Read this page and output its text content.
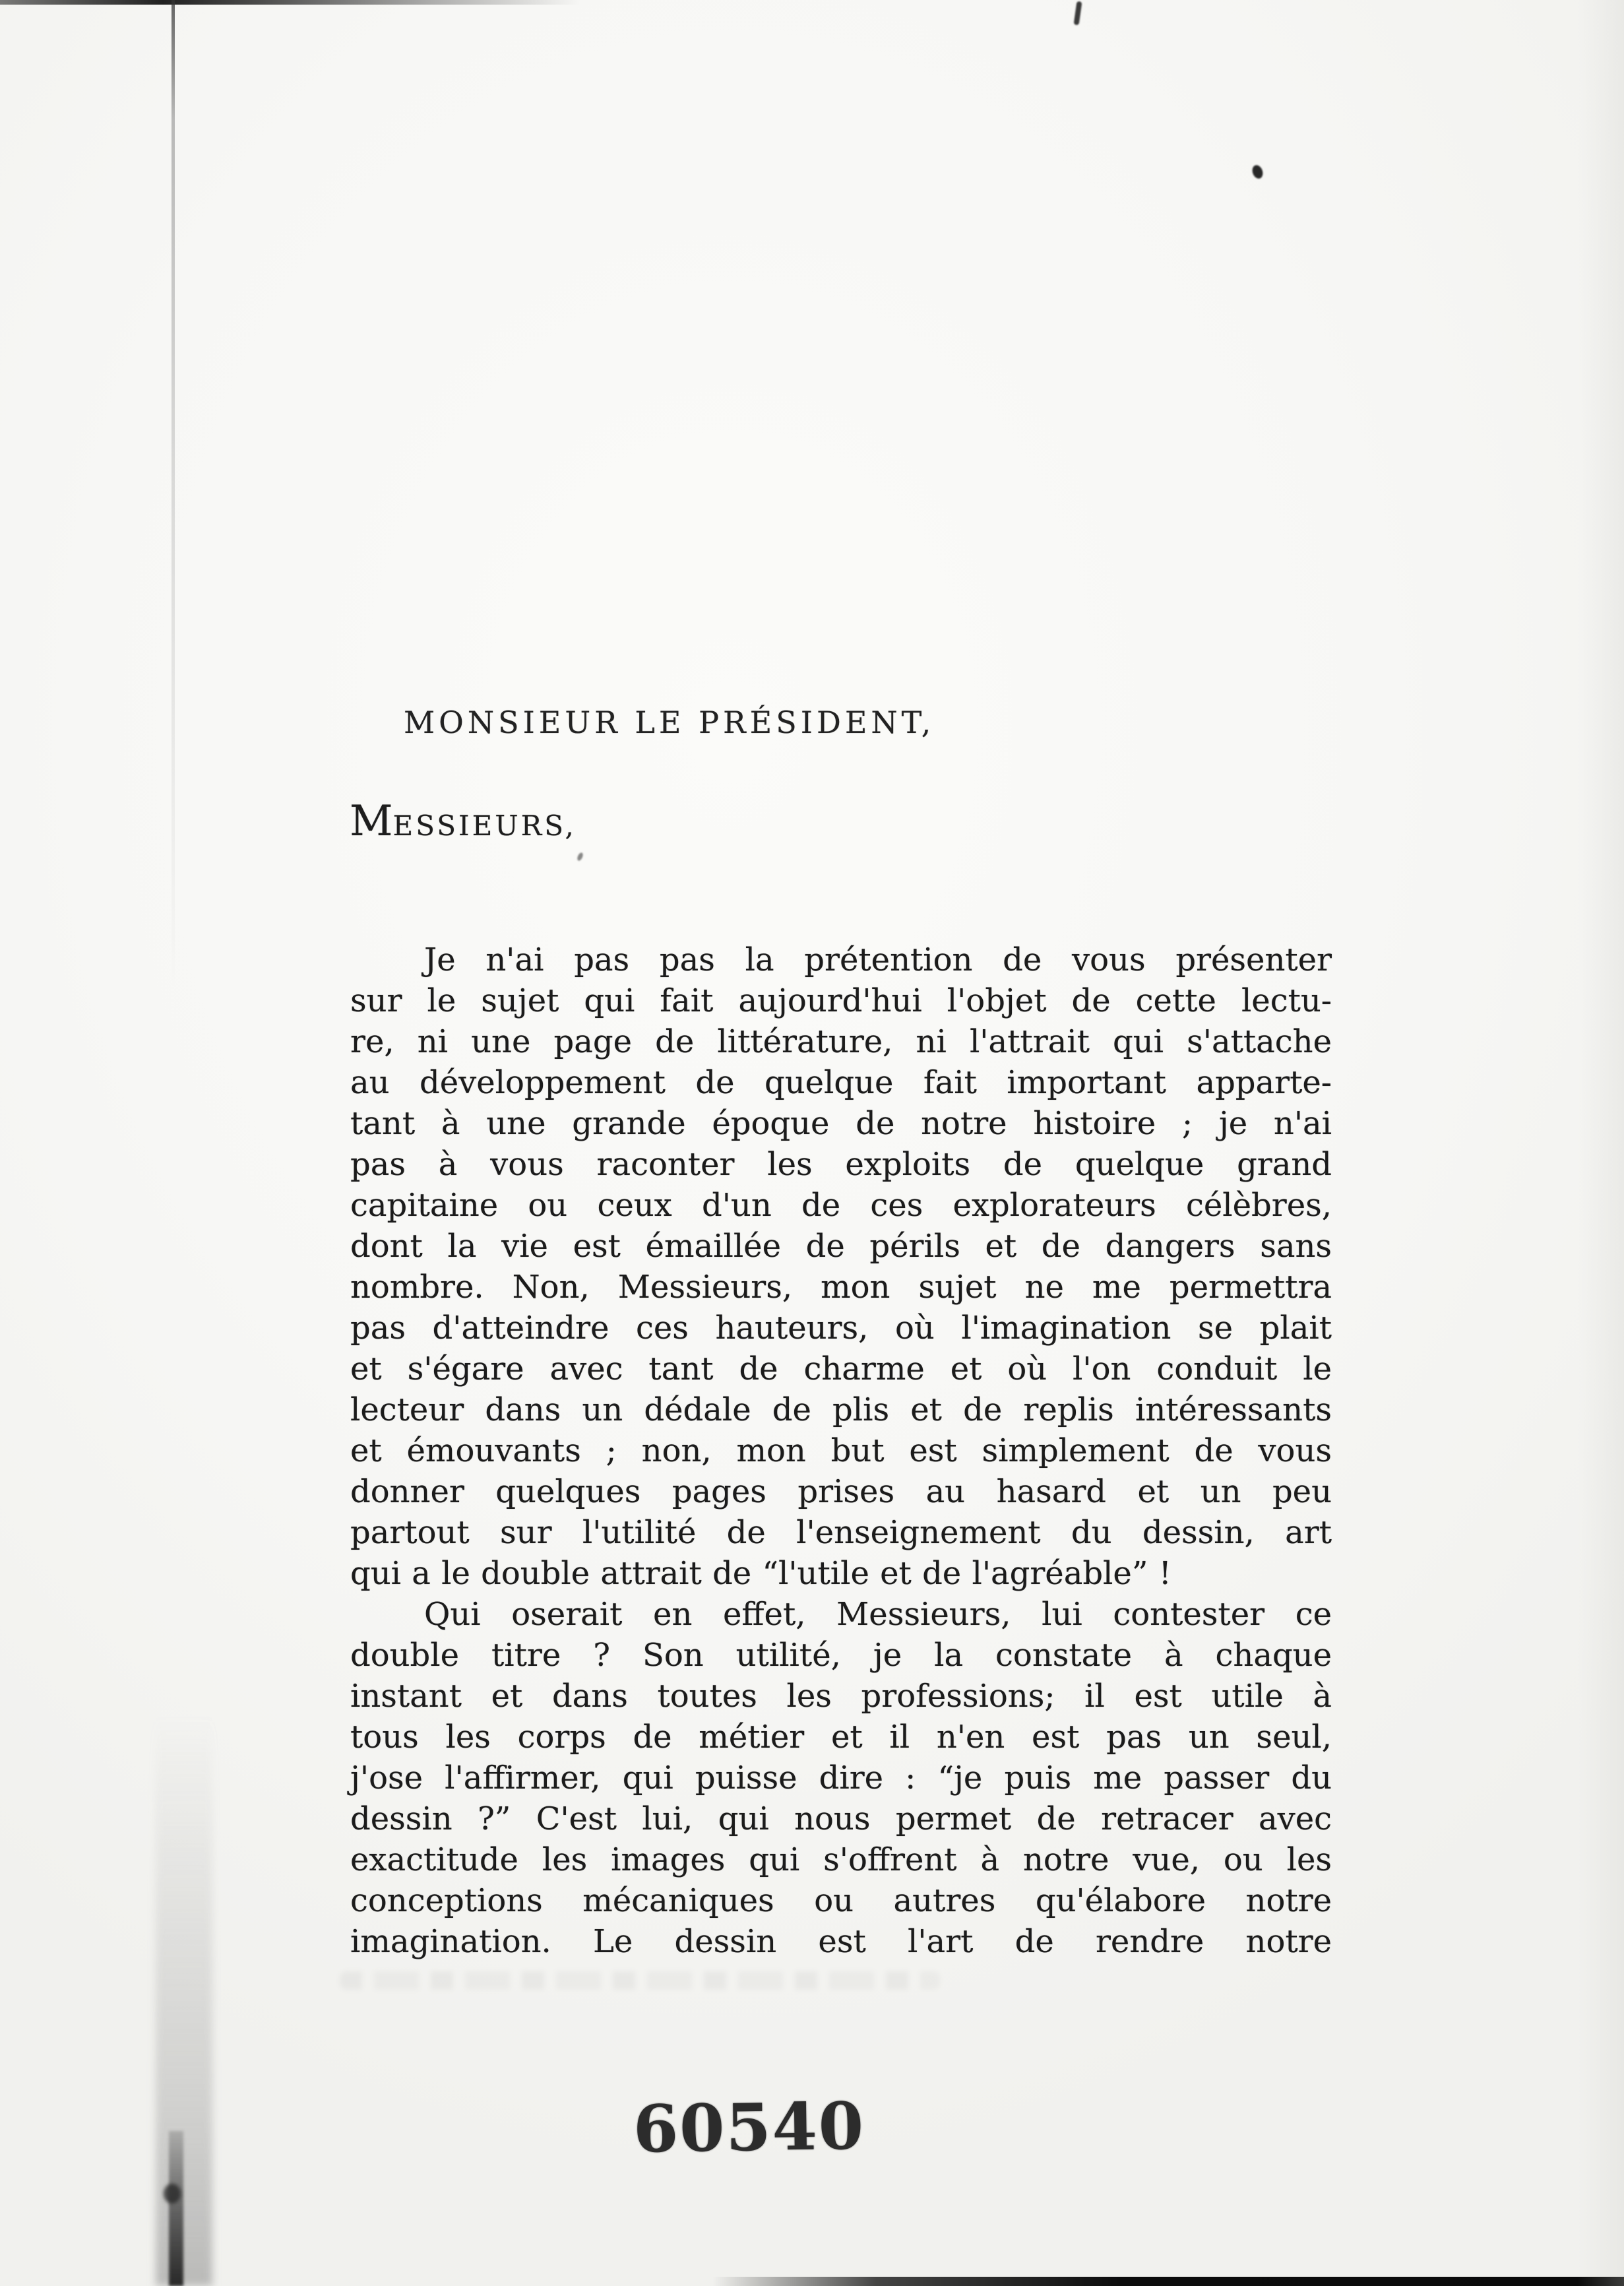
MONSIEUR LE PRÉSIDENT,
MESSIEURS,
Je n'ai pas pas la prétention de vous présenter
sur le sujet qui fait aujourd'hui l'objet de cette lectu-
re, ni une page de littérature, ni l'attrait qui s'attache
au développement de quelque fait important apparte-
tant à une grande époque de notre histoire ; je n'ai
pas à vous raconter les exploits de quelque grand
capitaine ou ceux d'un de ces explorateurs célèbres,
dont la vie est émaillée de périls et de dangers sans
nombre. Non, Messieurs, mon sujet ne me permettra
pas d'atteindre ces hauteurs, où l'imagination se plait
et s'égare avec tant de charme et où l'on conduit le
lecteur dans un dédale de plis et de replis intéressants
et émouvants ; non, mon but est simplement de vous
donner quelques pages prises au hasard et un peu
partout sur l'utilité de l'enseignement du dessin, art
qui a le double attrait de “l'utile et de l'agréable” !
Qui oserait en effet, Messieurs, lui contester ce
double titre ? Son utilité, je la constate à chaque
instant et dans toutes les professions; il est utile à
tous les corps de métier et il n'en est pas un seul,
j'ose l'affirmer, qui puisse dire : “je puis me passer du
dessin ?” C'est lui, qui nous permet de retracer avec
exactitude les images qui s'offrent à notre vue, ou les
conceptions mécaniques ou autres qu'élabore notre
imagination. Le dessin est l'art de rendre notre
60540
